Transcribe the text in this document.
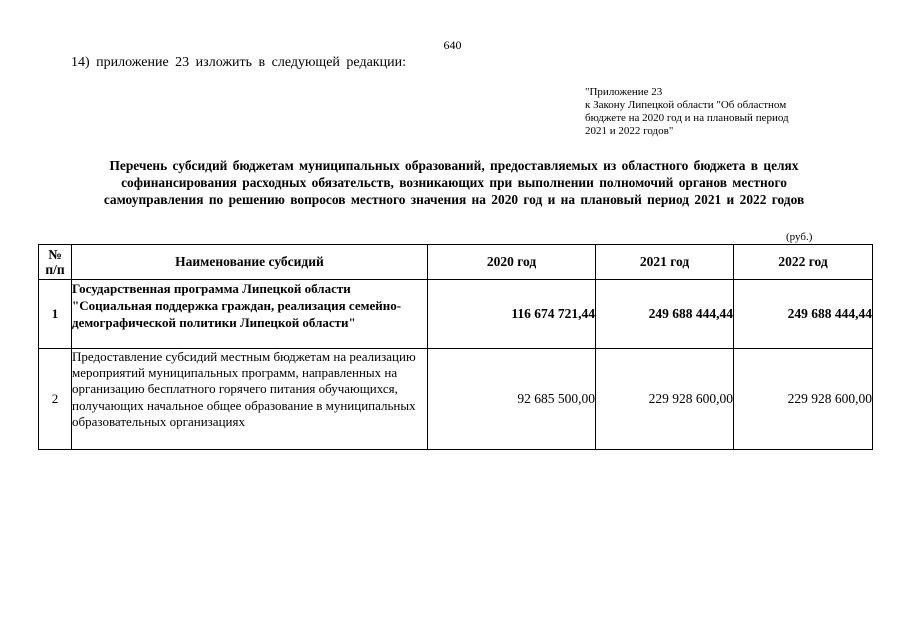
640
14) приложение 23 изложить в следующей редакции:
"Приложение 23
к Закону Липецкой области "Об областном
бюджете на 2020 год и на плановый период
2021 и 2022 годов"
Перечень субсидий бюджетам муниципальных образований, предоставляемых из областного бюджета в целях
софинансирования расходных обязательств, возникающих при выполнении полномочий органов местного
самоуправления по решению вопросов местного значения на 2020 год и на плановый период 2021 и 2022 годов
(руб.)
№
п/п	Наименование субсидий	2020 год	2021 год	2022 год
1	Государственная программа Липецкой области "Социальная поддержка граждан, реализация семейно-демографической политики Липецкой области"	116 674 721,44	249 688 444,44	249 688 444,44
2	Предоставление субсидий местным бюджетам на реализацию мероприятий муниципальных программ, направленных на организацию бесплатного горячего питания обучающихся, получающих начальное общее образование в муниципальных образовательных организациях	92 685 500,00	229 928 600,00	229 928 600,00
